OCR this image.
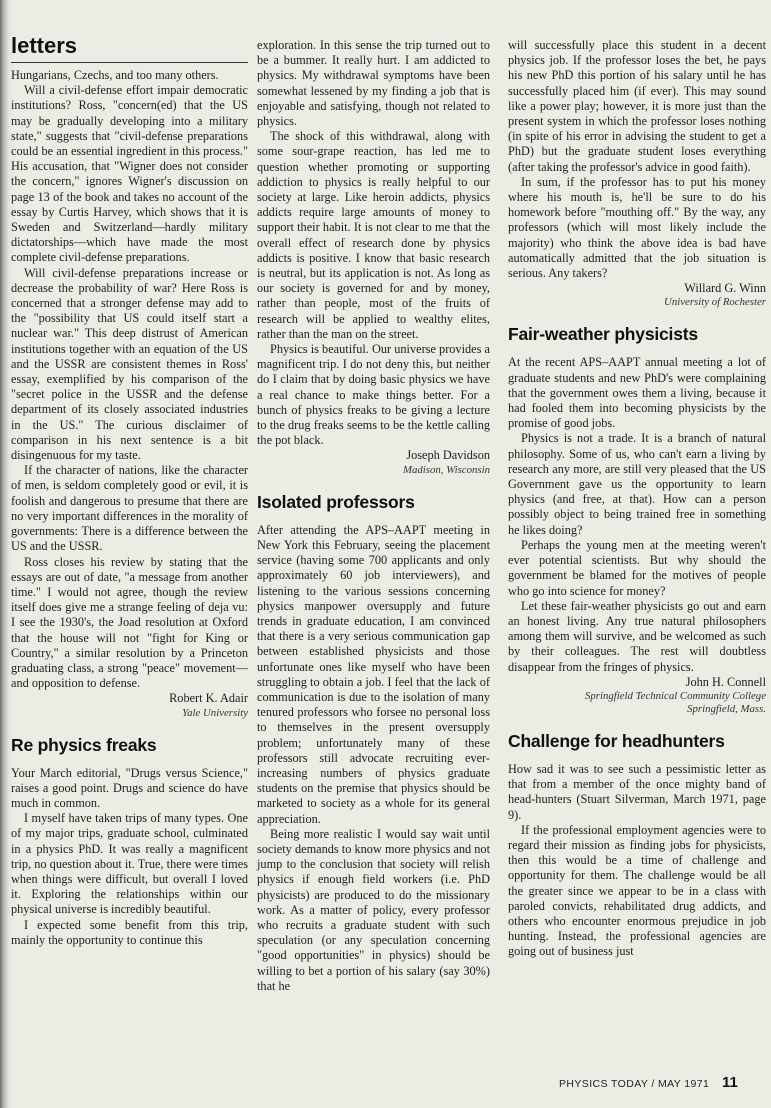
letters

Hungarians, Czechs, and too many others.

Will a civil-defense effort impair democratic institutions? Ross, "concern(ed) that the US may be gradually developing into a military state," suggests that "civil-defense preparations could be an essential ingredient in this process." His accusation, that "Wigner does not consider the concern," ignores Wigner's discussion on page 13 of the book and takes no account of the essay by Curtis Harvey, which shows that it is Sweden and Switzerland—hardly military dictatorships—which have made the most complete civil-defense preparations.

Will civil-defense preparations increase or decrease the probability of war? Here Ross is concerned that a stronger defense may add to the "possibility that US could itself start a nuclear war." This deep distrust of American institutions together with an equation of the US and the USSR are consistent themes in Ross' essay, exemplified by his comparison of the "secret police in the USSR and the defense department of its closely associated industries in the US." The curious disclaimer of comparison in his next sentence is a bit disingenuous for my taste.

If the character of nations, like the character of men, is seldom completely good or evil, it is foolish and dangerous to presume that there are no very important differences in the morality of governments: There is a difference between the US and the USSR.

Ross closes his review by stating that the essays are out of date, "a message from another time." I would not agree, though the review itself does give me a strange feeling of deja vu: I see the 1930's, the Joad resolution at Oxford that the house will not "fight for King or Country," a similar resolution by a Princeton graduating class, a strong "peace" movement—and opposition to defense.

Robert K. Adair

Yale University

Re physics freaks

Your March editorial, "Drugs versus Science," raises a good point. Drugs and science do have much in common.

I myself have taken trips of many types. One of my major trips, graduate school, culminated in a physics PhD. It was really a magnificent trip, no question about it. True, there were times when things were difficult, but overall I loved it. Exploring the relationships within our physical universe is incredibly beautiful.

I expected some benefit from this trip, mainly the opportunity to continue this

exploration. In this sense the trip turned out to be a bummer. It really hurt. I am addicted to physics. My withdrawal symptoms have been somewhat lessened by my finding a job that is enjoyable and satisfying, though not related to physics.

The shock of this withdrawal, along with some sour-grape reaction, has led me to question whether promoting or supporting addiction to physics is really helpful to our society at large. Like heroin addicts, physics addicts require large amounts of money to support their habit. It is not clear to me that the overall effect of research done by physics addicts is positive. I know that basic research is neutral, but its application is not. As long as our society is governed for and by money, rather than people, most of the fruits of research will be applied to wealthy elites, rather than the man on the street.

Physics is beautiful. Our universe provides a magnificent trip. I do not deny this, but neither do I claim that by doing basic physics we have a real chance to make things better. For a bunch of physics freaks to be giving a lecture to the drug freaks seems to be the kettle calling the pot black.

Joseph Davidson

Madison, Wisconsin

Isolated professors

After attending the APS–AAPT meeting in New York this February, seeing the placement service (having some 700 applicants and only approximately 60 job interviewers), and listening to the various sessions concerning physics manpower oversupply and future trends in graduate education, I am convinced that there is a very serious communication gap between established physicists and those unfortunate ones like myself who have been struggling to obtain a job. I feel that the lack of communication is due to the isolation of many tenured professors who forsee no personal loss to themselves in the present oversupply problem; unfortunately many of these professors still advocate recruiting ever-increasing numbers of physics graduate students on the premise that physics should be marketed to society as a whole for its general appreciation.

Being more realistic I would say wait until society demands to know more physics and not jump to the conclusion that society will relish physics if enough field workers (i.e. PhD physicists) are produced to do the missionary work. As a matter of policy, every professor who recruits a graduate student with such speculation (or any speculation concerning "good opportunities" in physics) should be willing to bet a portion of his salary (say 30%) that he

will successfully place this student in a decent physics job. If the professor loses the bet, he pays his new PhD this portion of his salary until he has successfully placed him (if ever). This may sound like a power play; however, it is more just than the present system in which the professor loses nothing (in spite of his error in advising the student to get a PhD) but the graduate student loses everything (after taking the professor's advice in good faith).

In sum, if the professor has to put his money where his mouth is, he'll be sure to do his homework before "mouthing off." By the way, any professors (which will most likely include the majority) who think the above idea is bad have automatically admitted that the job situation is serious. Any takers?

Willard G. Winn

University of Rochester

Fair-weather physicists

At the recent APS–AAPT annual meeting a lot of graduate students and new PhD's were complaining that the government owes them a living, because it had fooled them into becoming physicists by the promise of good jobs.

Physics is not a trade. It is a branch of natural philosophy. Some of us, who can't earn a living by research any more, are still very pleased that the US Government gave us the opportunity to learn physics (and free, at that). How can a person possibly object to being trained free in something he likes doing?

Perhaps the young men at the meeting weren't ever potential scientists. But why should the government be blamed for the motives of people who go into science for money?

Let these fair-weather physicists go out and earn an honest living. Any true natural philosophers among them will survive, and be welcomed as such by their colleagues. The rest will doubtless disappear from the fringes of physics.

John H. Connell

Springfield Technical Community College

Springfield, Mass.

Challenge for headhunters

How sad it was to see such a pessimistic letter as that from a member of the once mighty band of head-hunters (Stuart Silverman, March 1971, page 9).

If the professional employment agencies were to regard their mission as finding jobs for physicists, then this would be a time of challenge and opportunity for them. The challenge would be all the greater since we appear to be in a class with paroled convicts, rehabilitated drug addicts, and others who encounter enormous prejudice in job hunting. Instead, the professional agencies are going out of business just

PHYSICS TODAY / MAY 1971 11
